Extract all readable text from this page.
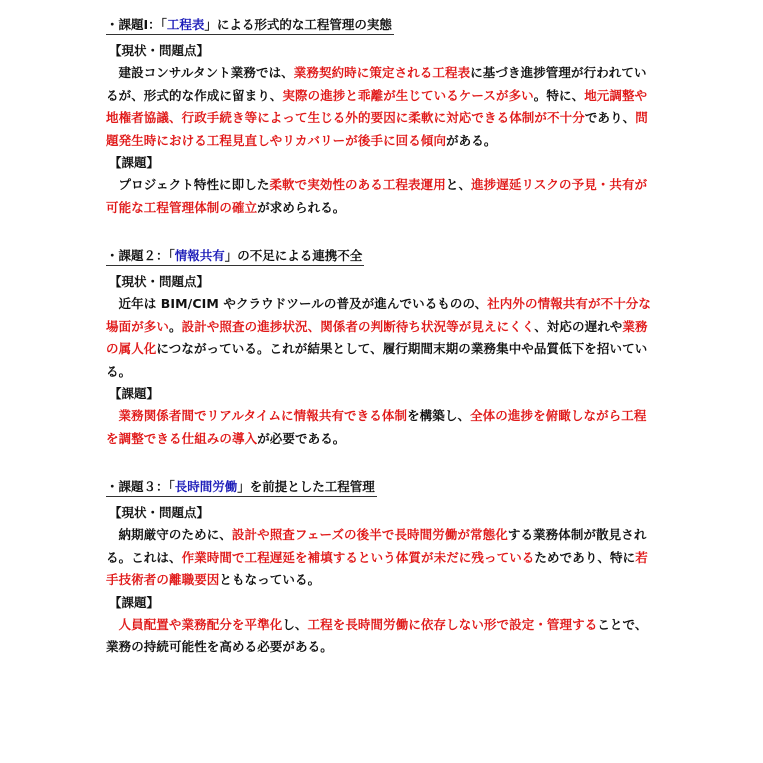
・課題Ⅰ：「工程表」による形式的な工程管理の実態
【現状・問題点】

建設コンサルタント業務では、業務契約時に策定される工程表に基づき進捗管理が行われているが、形式的な作成に留まり、実際の進捗と乖離が生じているケースが多い。特に、地元調整や地権者協議、行政手続き等によって生じる外的要因に柔軟に対応できる体制が不十分であり、問題発生時における工程見直しやリカバリーが後手に回る傾向がある。

【課題】

プロジェクト特性に即した柔軟で実効性のある工程表運用と、進捗遅延リスクの予見・共有が可能な工程管理体制の確立が求められる。

・課題２：「情報共有」の不足による連携不全
【現状・問題点】

近年は BIM/CIM やクラウドツールの普及が進んでいるものの、社内外の情報共有が不十分な場面が多い。設計や照査の進捗状況、関係者の判断待ち状況等が見えにくく、対応の遅れや業務の属人化につながっている。これが結果として、履行期間末期の業務集中や品質低下を招いている。

【課題】

業務関係者間でリアルタイムに情報共有できる体制を構築し、全体の進捗を俯瞰しながら工程を調整できる仕組みの導入が必要である。

・課題３：「長時間労働」を前提とした工程管理
【現状・問題点】

納期厳守のために、設計や照査フェーズの後半で長時間労働が常態化する業務体制が散見される。これは、作業時間で工程遅延を補填するという体質が未だに残っているためであり、特に若手技術者の離職要因ともなっている。

【課題】

人員配置や業務配分を平準化し、工程を長時間労働に依存しない形で設定・管理することで、業務の持続可能性を高める必要がある。
